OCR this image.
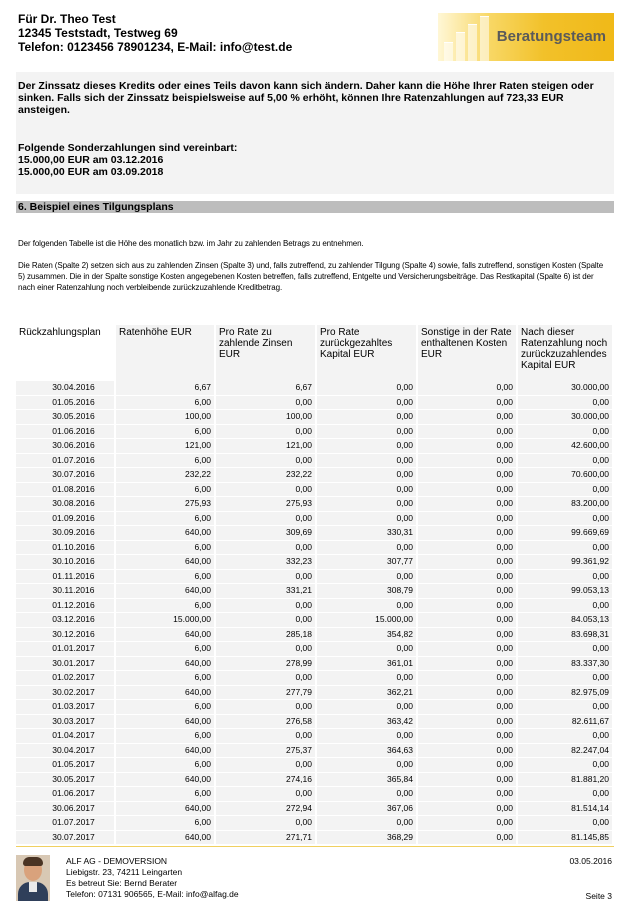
Für Dr. Theo Test
12345 Teststadt, Testweg 69
Telefon: 0123456 78901234, E-Mail: info@test.de
Beratungsteam

Der Zinssatz dieses Kredits oder eines Teils davon kann sich ändern. Daher kann die Höhe Ihrer Raten steigen oder sinken. Falls sich der Zinssatz beispielsweise auf 5,00 % erhöht, können Ihre Ratenzahlungen auf 723,33 EUR ansteigen.

Folgende Sonderzahlungen sind vereinbart:

15.000,00 EUR am 03.12.2016

15.000,00 EUR am 03.09.2018

6. Beispiel eines Tilgungsplans

Der folgenden Tabelle ist die Höhe des monatlich bzw. im Jahr zu zahlenden Betrags zu entnehmen.

Die Raten (Spalte 2) setzen sich aus zu zahlenden Zinsen (Spalte 3) und, falls zutreffend, zu zahlender Tilgung (Spalte 4) sowie, falls zutreffend, sonstigen Kosten (Spalte 5) zusammen. Die in der Spalte sonstige Kosten angegebenen Kosten betreffen, falls zutreffend, Entgelte und Versicherungsbeiträge. Das Restkapital (Spalte 6) ist der nach einer Ratenzahlung noch verbleibende zurückzuzahlende Kreditbetrag.

Rückzahlungsplan	Ratenhöhe EUR	Pro Rate zu zahlende Zinsen EUR	Pro Rate zurückgezahltes Kapital EUR	Sonstige in der Rate enthaltenen Kosten EUR	Nach dieser Ratenzahlung noch zurückzuzahlendes Kapital EUR
30.04.2016	6,67	6,67	0,00	0,00	30.000,00
01.05.2016	6,00	0,00	0,00	0,00	0,00
30.05.2016	100,00	100,00	0,00	0,00	30.000,00
01.06.2016	6,00	0,00	0,00	0,00	0,00
30.06.2016	121,00	121,00	0,00	0,00	42.600,00
01.07.2016	6,00	0,00	0,00	0,00	0,00
30.07.2016	232,22	232,22	0,00	0,00	70.600,00
01.08.2016	6,00	0,00	0,00	0,00	0,00
30.08.2016	275,93	275,93	0,00	0,00	83.200,00
01.09.2016	6,00	0,00	0,00	0,00	0,00
30.09.2016	640,00	309,69	330,31	0,00	99.669,69
01.10.2016	6,00	0,00	0,00	0,00	0,00
30.10.2016	640,00	332,23	307,77	0,00	99.361,92
01.11.2016	6,00	0,00	0,00	0,00	0,00
30.11.2016	640,00	331,21	308,79	0,00	99.053,13
01.12.2016	6,00	0,00	0,00	0,00	0,00
03.12.2016	15.000,00	0,00	15.000,00	0,00	84.053,13
30.12.2016	640,00	285,18	354,82	0,00	83.698,31
01.01.2017	6,00	0,00	0,00	0,00	0,00
30.01.2017	640,00	278,99	361,01	0,00	83.337,30
01.02.2017	6,00	0,00	0,00	0,00	0,00
30.02.2017	640,00	277,79	362,21	0,00	82.975,09
01.03.2017	6,00	0,00	0,00	0,00	0,00
30.03.2017	640,00	276,58	363,42	0,00	82.611,67
01.04.2017	6,00	0,00	0,00	0,00	0,00
30.04.2017	640,00	275,37	364,63	0,00	82.247,04
01.05.2017	6,00	0,00	0,00	0,00	0,00
30.05.2017	640,00	274,16	365,84	0,00	81.881,20
01.06.2017	6,00	0,00	0,00	0,00	0,00
30.06.2017	640,00	272,94	367,06	0,00	81.514,14
01.07.2017	6,00	0,00	0,00	0,00	0,00
30.07.2017	640,00	271,71	368,29	0,00	81.145,85
ALF AG - DEMOVERSION
Liebigstr. 23, 74211 Leingarten
Es betreut Sie: Bernd Berater
Telefon: 07131 906565, E-Mail: info@alfag.de
03.05.2016
Seite 3
